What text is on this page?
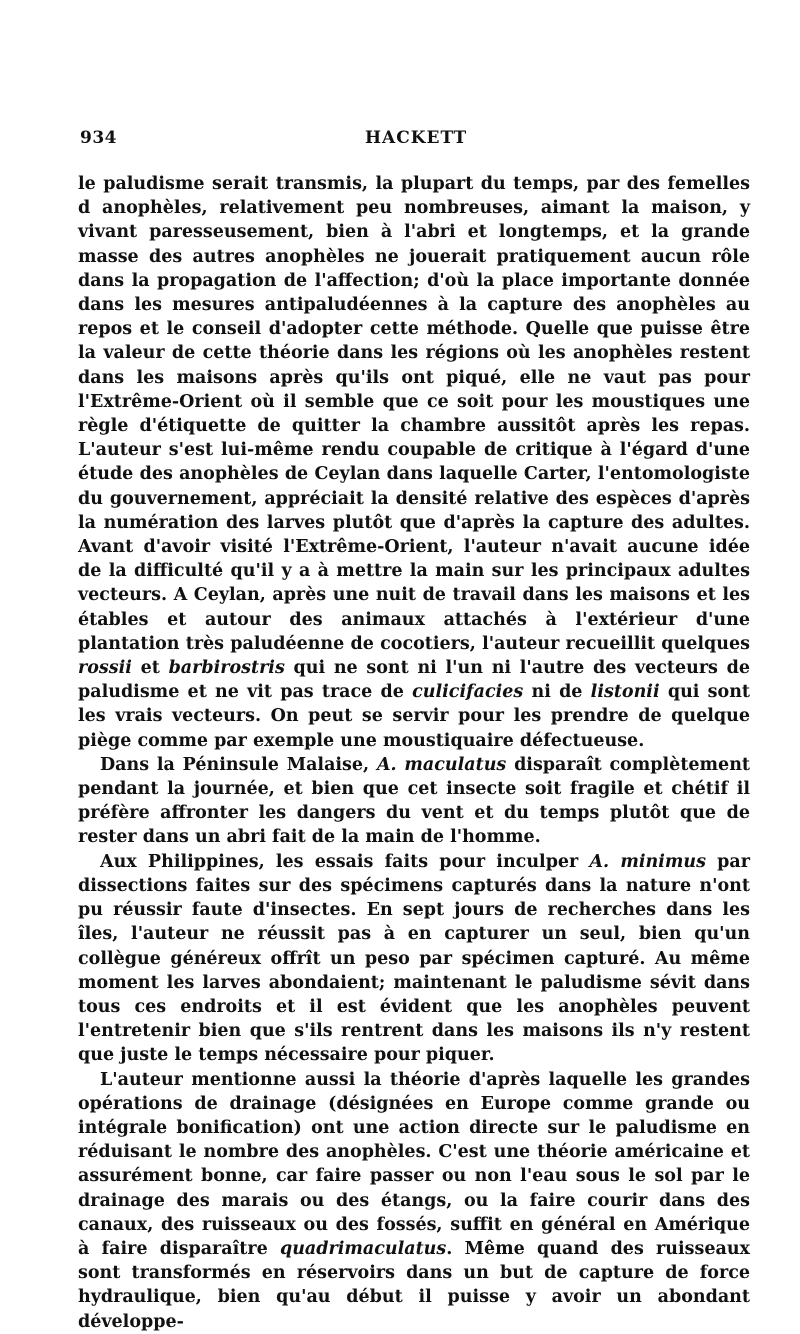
934	HACKETT

le paludisme serait transmis, la plupart du temps, par des femelles d anophèles, relativement peu nombreuses, aimant la maison, y vivant paresseusement, bien à l'abri et longtemps, et la grande masse des autres anophèles ne jouerait pratiquement aucun rôle dans la propagation de l'affection; d'où la place importante donnée dans les mesures antipaludéennes à la capture des anophèles au repos et le conseil d'adopter cette méthode. Quelle que puisse être la valeur de cette théorie dans les régions où les anophèles restent dans les maisons après qu'ils ont piqué, elle ne vaut pas pour l'Extrême-Orient où il semble que ce soit pour les moustiques une règle d'étiquette de quitter la chambre aussitôt après les repas. L'auteur s'est lui-même rendu coupable de critique à l'égard d'une étude des anophèles de Ceylan dans laquelle Carter, l'entomologiste du gouvernement, appréciait la densité relative des espèces d'après la numération des larves plutôt que d'après la capture des adultes. Avant d'avoir visité l'Extrême-Orient, l'auteur n'avait aucune idée de la difficulté qu'il y a à mettre la main sur les principaux adultes vecteurs. A Ceylan, après une nuit de travail dans les maisons et les étables et autour des animaux attachés à l'extérieur d'une plantation très paludéenne de cocotiers, l'auteur recueillit quelques rossii et barbirostris qui ne sont ni l'un ni l'autre des vecteurs de paludisme et ne vit pas trace de culicifacies ni de listonii qui sont les vrais vecteurs. On peut se servir pour les prendre de quelque piège comme par exemple une moustiquaire défectueuse.

Dans la Péninsule Malaise, A. maculatus disparaît complètement pendant la journée, et bien que cet insecte soit fragile et chétif il préfère affronter les dangers du vent et du temps plutôt que de rester dans un abri fait de la main de l'homme.

Aux Philippines, les essais faits pour inculper A. minimus par dissections faites sur des spécimens capturés dans la nature n'ont pu réussir faute d'insectes. En sept jours de recherches dans les îles, l'auteur ne réussit pas à en capturer un seul, bien qu'un collègue généreux offrît un peso par spécimen capturé. Au même moment les larves abondaient; maintenant le paludisme sévit dans tous ces endroits et il est évident que les anophèles peuvent l'entretenir bien que s'ils rentrent dans les maisons ils n'y restent que juste le temps nécessaire pour piquer.

L'auteur mentionne aussi la théorie d'après laquelle les grandes opérations de drainage (désignées en Europe comme grande ou intégrale bonification) ont une action directe sur le paludisme en réduisant le nombre des anophèles. C'est une théorie américaine et assurément bonne, car faire passer ou non l'eau sous le sol par le drainage des marais ou des étangs, ou la faire courir dans des canaux, des ruisseaux ou des fossés, suffit en général en Amérique à faire disparaître quadrimaculatus. Même quand des ruisseaux sont transformés en réservoirs dans un but de capture de force hydraulique, bien qu'au début il puisse y avoir un abondant développe-
